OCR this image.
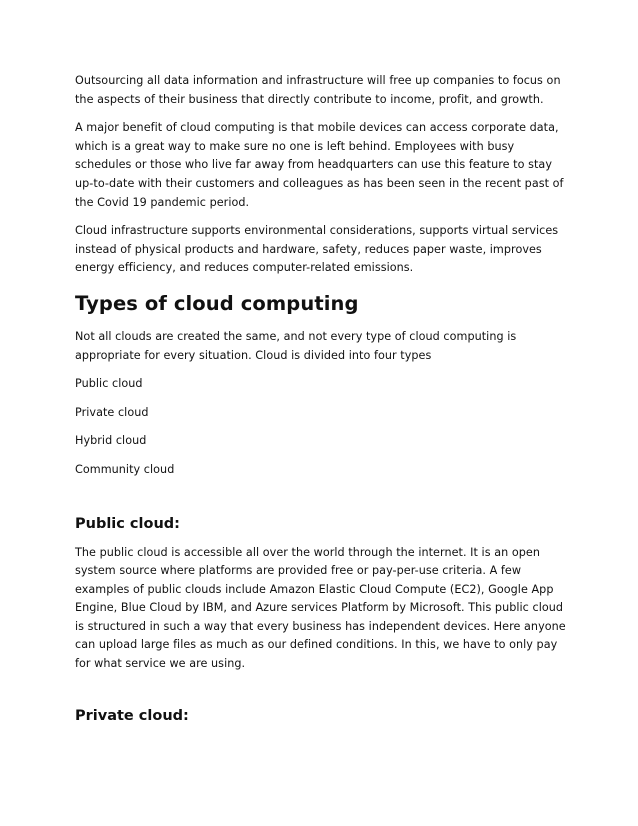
Outsourcing all data information and infrastructure will free up companies to focus on the aspects of their business that directly contribute to income, profit, and growth.

A major benefit of cloud computing is that mobile devices can access corporate data, which is a great way to make sure no one is left behind. Employees with busy schedules or those who live far away from headquarters can use this feature to stay up-to-date with their customers and colleagues as has been seen in the recent past of the Covid 19 pandemic period.

Cloud infrastructure supports environmental considerations, supports virtual services instead of physical products and hardware, safety, reduces paper waste, improves energy efficiency, and reduces computer-related emissions.

Types of cloud computing

Not all clouds are created the same, and not every type of cloud computing is appropriate for every situation. Cloud is divided into four types

Public cloud

Private cloud

Hybrid cloud

Community cloud

Public cloud:

The public cloud is accessible all over the world through the internet. It is an open system source where platforms are provided free or pay-per-use criteria. A few examples of public clouds include Amazon Elastic Cloud Compute (EC2), Google App Engine, Blue Cloud by IBM, and Azure services Platform by Microsoft. This public cloud is structured in such a way that every business has independent devices. Here anyone can upload large files as much as our defined conditions. In this, we have to only pay for what service we are using.

Private cloud:
